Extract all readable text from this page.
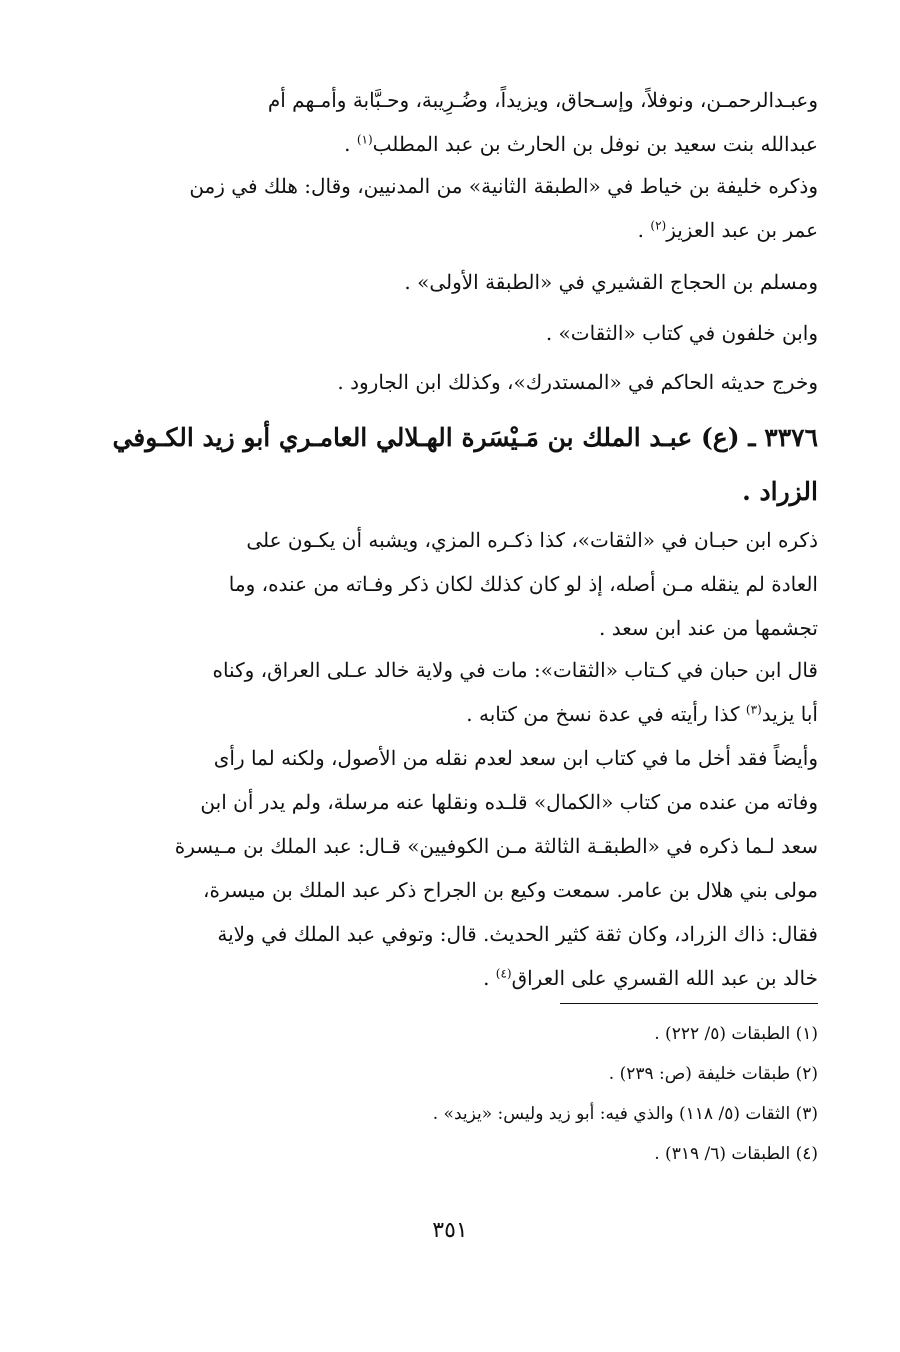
وعبـدالرحمـن، ونوفلاً، وإسـحاق، ويزيداً، وضُـرِيبة، وحـبَّابة وأمـهم أم

عبدالله بنت سعيد بن نوفل بن الحارث بن عبد المطلب$^{(١)}$ .

وذكره خليفة بن خياط في «الطبقة الثانية» من المدنيين، وقال: هلك في زمن

عمر بن عبد العزيز$^{(٢)}$ .

ومسلم بن الحجاج القشيري في «الطبقة الأولى» .

وابن خلفون في كتاب «الثقات» .

وخرج حديثه الحاكم في «المستدرك»، وكذلك ابن الجارود .

٣٣٧٦ ـ (ع) عبـد الملك بن مَـيْسَرة الهـلالي العامـري أبو زيد الكـوفي

الزراد .

ذكره ابن حبـان في «الثقات»، كذا ذكـره المزي، ويشبه أن يكـون على

العادة لم ينقله مـن أصله، إذ لو كان كذلك لكان ذكر وفـاته من عنده، وما

تجشمها من عند ابن سعد .

قال ابن حبان في كـتاب «الثقات»: مات في ولاية خالد عـلى العراق، وكناه

أبا يزيد$^{(٣)}$ كذا رأيته في عدة نسخ من كتابه .

وأيضاً فقد أخل ما في كتاب ابن سعد لعدم نقله من الأصول، ولكنه لما رأى

وفاته من عنده من كتاب «الكمال» قلـده ونقلها عنه مرسلة، ولم يدر أن ابن

سعد لـما ذكره في «الطبقـة الثالثة مـن الكوفيين» قـال: عبد الملك بن مـيسرة

مولى بني هلال بن عامر. سمعت وكيع بن الجراح ذكر عبد الملك بن ميسرة،

فقال: ذاك الزراد، وكان ثقة كثير الحديث. قال: وتوفي عبد الملك في ولاية

خالد بن عبد الله القسري على العراق$^{(٤)}$ .

(١) الطبقات (٥/ ٢٢٢) .

(٢) طبقات خليفة (ص: ٢٣٩) .

(٣) الثقات (٥/ ١١٨) والذي فيه: أبو زيد وليس: «يزيد» .

(٤) الطبقات (٦/ ٣١٩) .

٣٥١
